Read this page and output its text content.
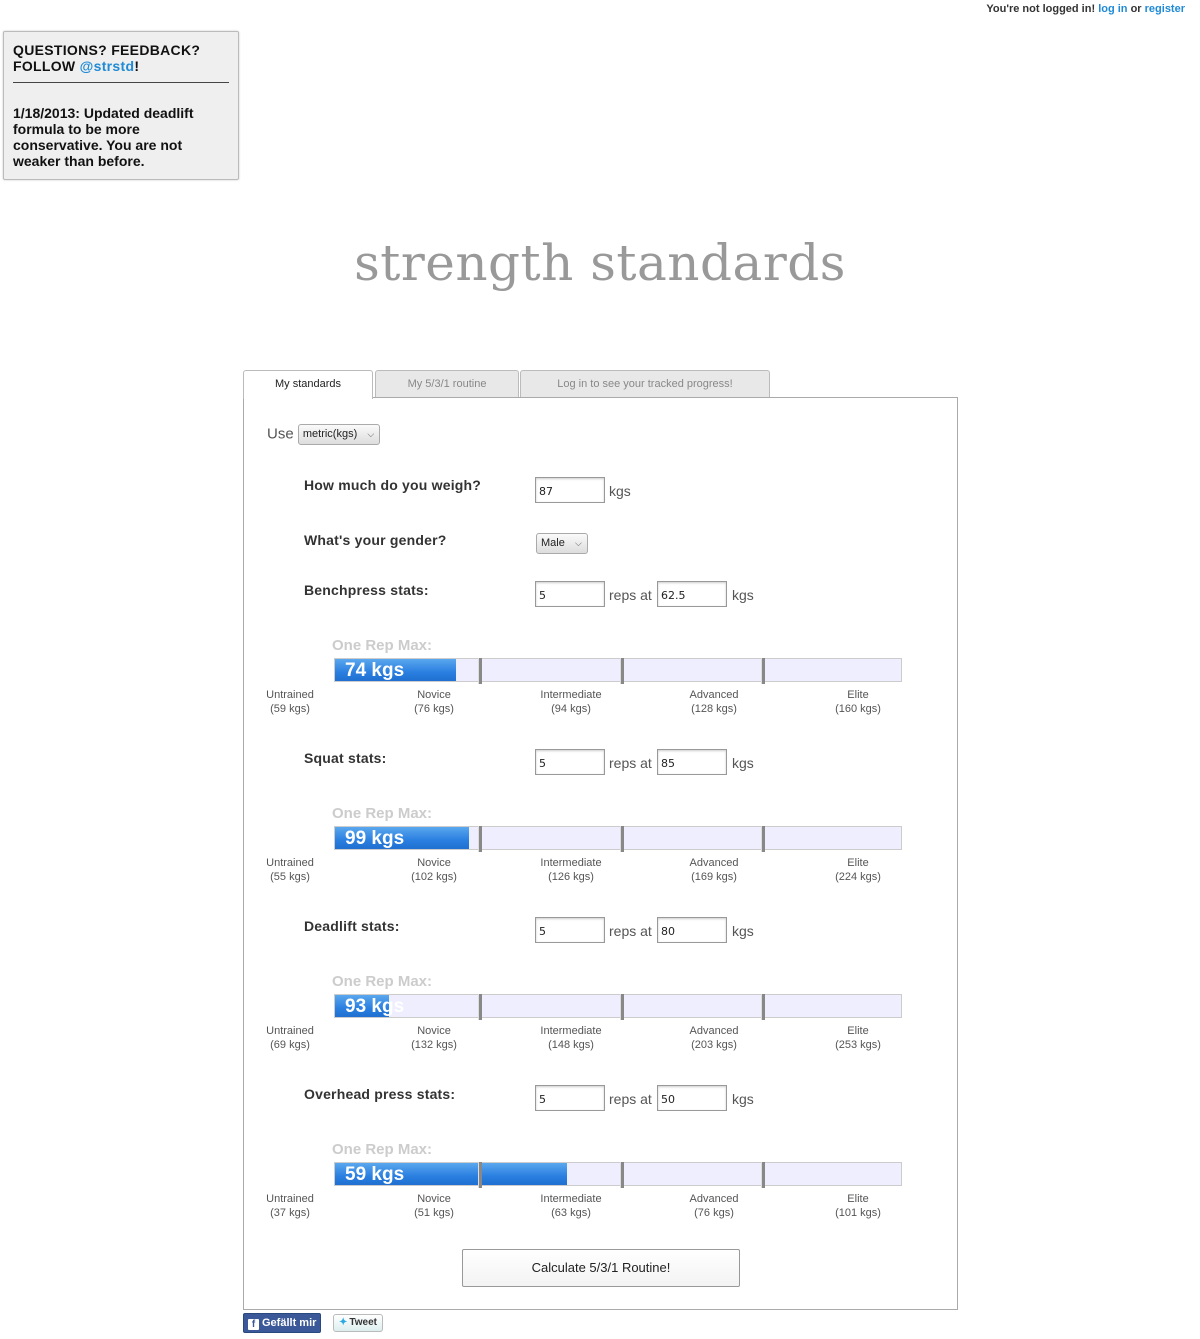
You're not logged in! log in or register
QUESTIONS? FEEDBACK?
FOLLOW @strstd!
1/18/2013: Updated deadlift formula to be more conservative. You are not weaker than before.
strength standards
My standards	My 5/3/1 routine	Log in to see your tracked progress!
Use metric(kgs) ⌵
How much do you weigh?	87	kgs
What's your gender?	Male ⌵
Benchpress stats:	5	reps at 62.5	kgs
One Rep Max:
74 kgs
Untrained
(59 kgs)
Novice
(76 kgs)
Intermediate
(94 kgs)
Advanced
(128 kgs)
Elite
(160 kgs)
Squat stats:	5	reps at 85	kgs
One Rep Max:
99 kgs
Untrained
(55 kgs)
Novice
(102 kgs)
Intermediate
(126 kgs)
Advanced
(169 kgs)
Elite
(224 kgs)
Deadlift stats:	5	reps at 80	kgs
One Rep Max:
93 kgs
Untrained
(69 kgs)
Novice
(132 kgs)
Intermediate
(148 kgs)
Advanced
(203 kgs)
Elite
(253 kgs)
Overhead press stats:	5	reps at 50	kgs
One Rep Max:
59 kgs
Untrained
(37 kgs)
Novice
(51 kgs)
Intermediate
(63 kgs)
Advanced
(76 kgs)
Elite
(101 kgs)
Calculate 5/3/1 Routine!
f Gefällt mir	✦ Tweet
